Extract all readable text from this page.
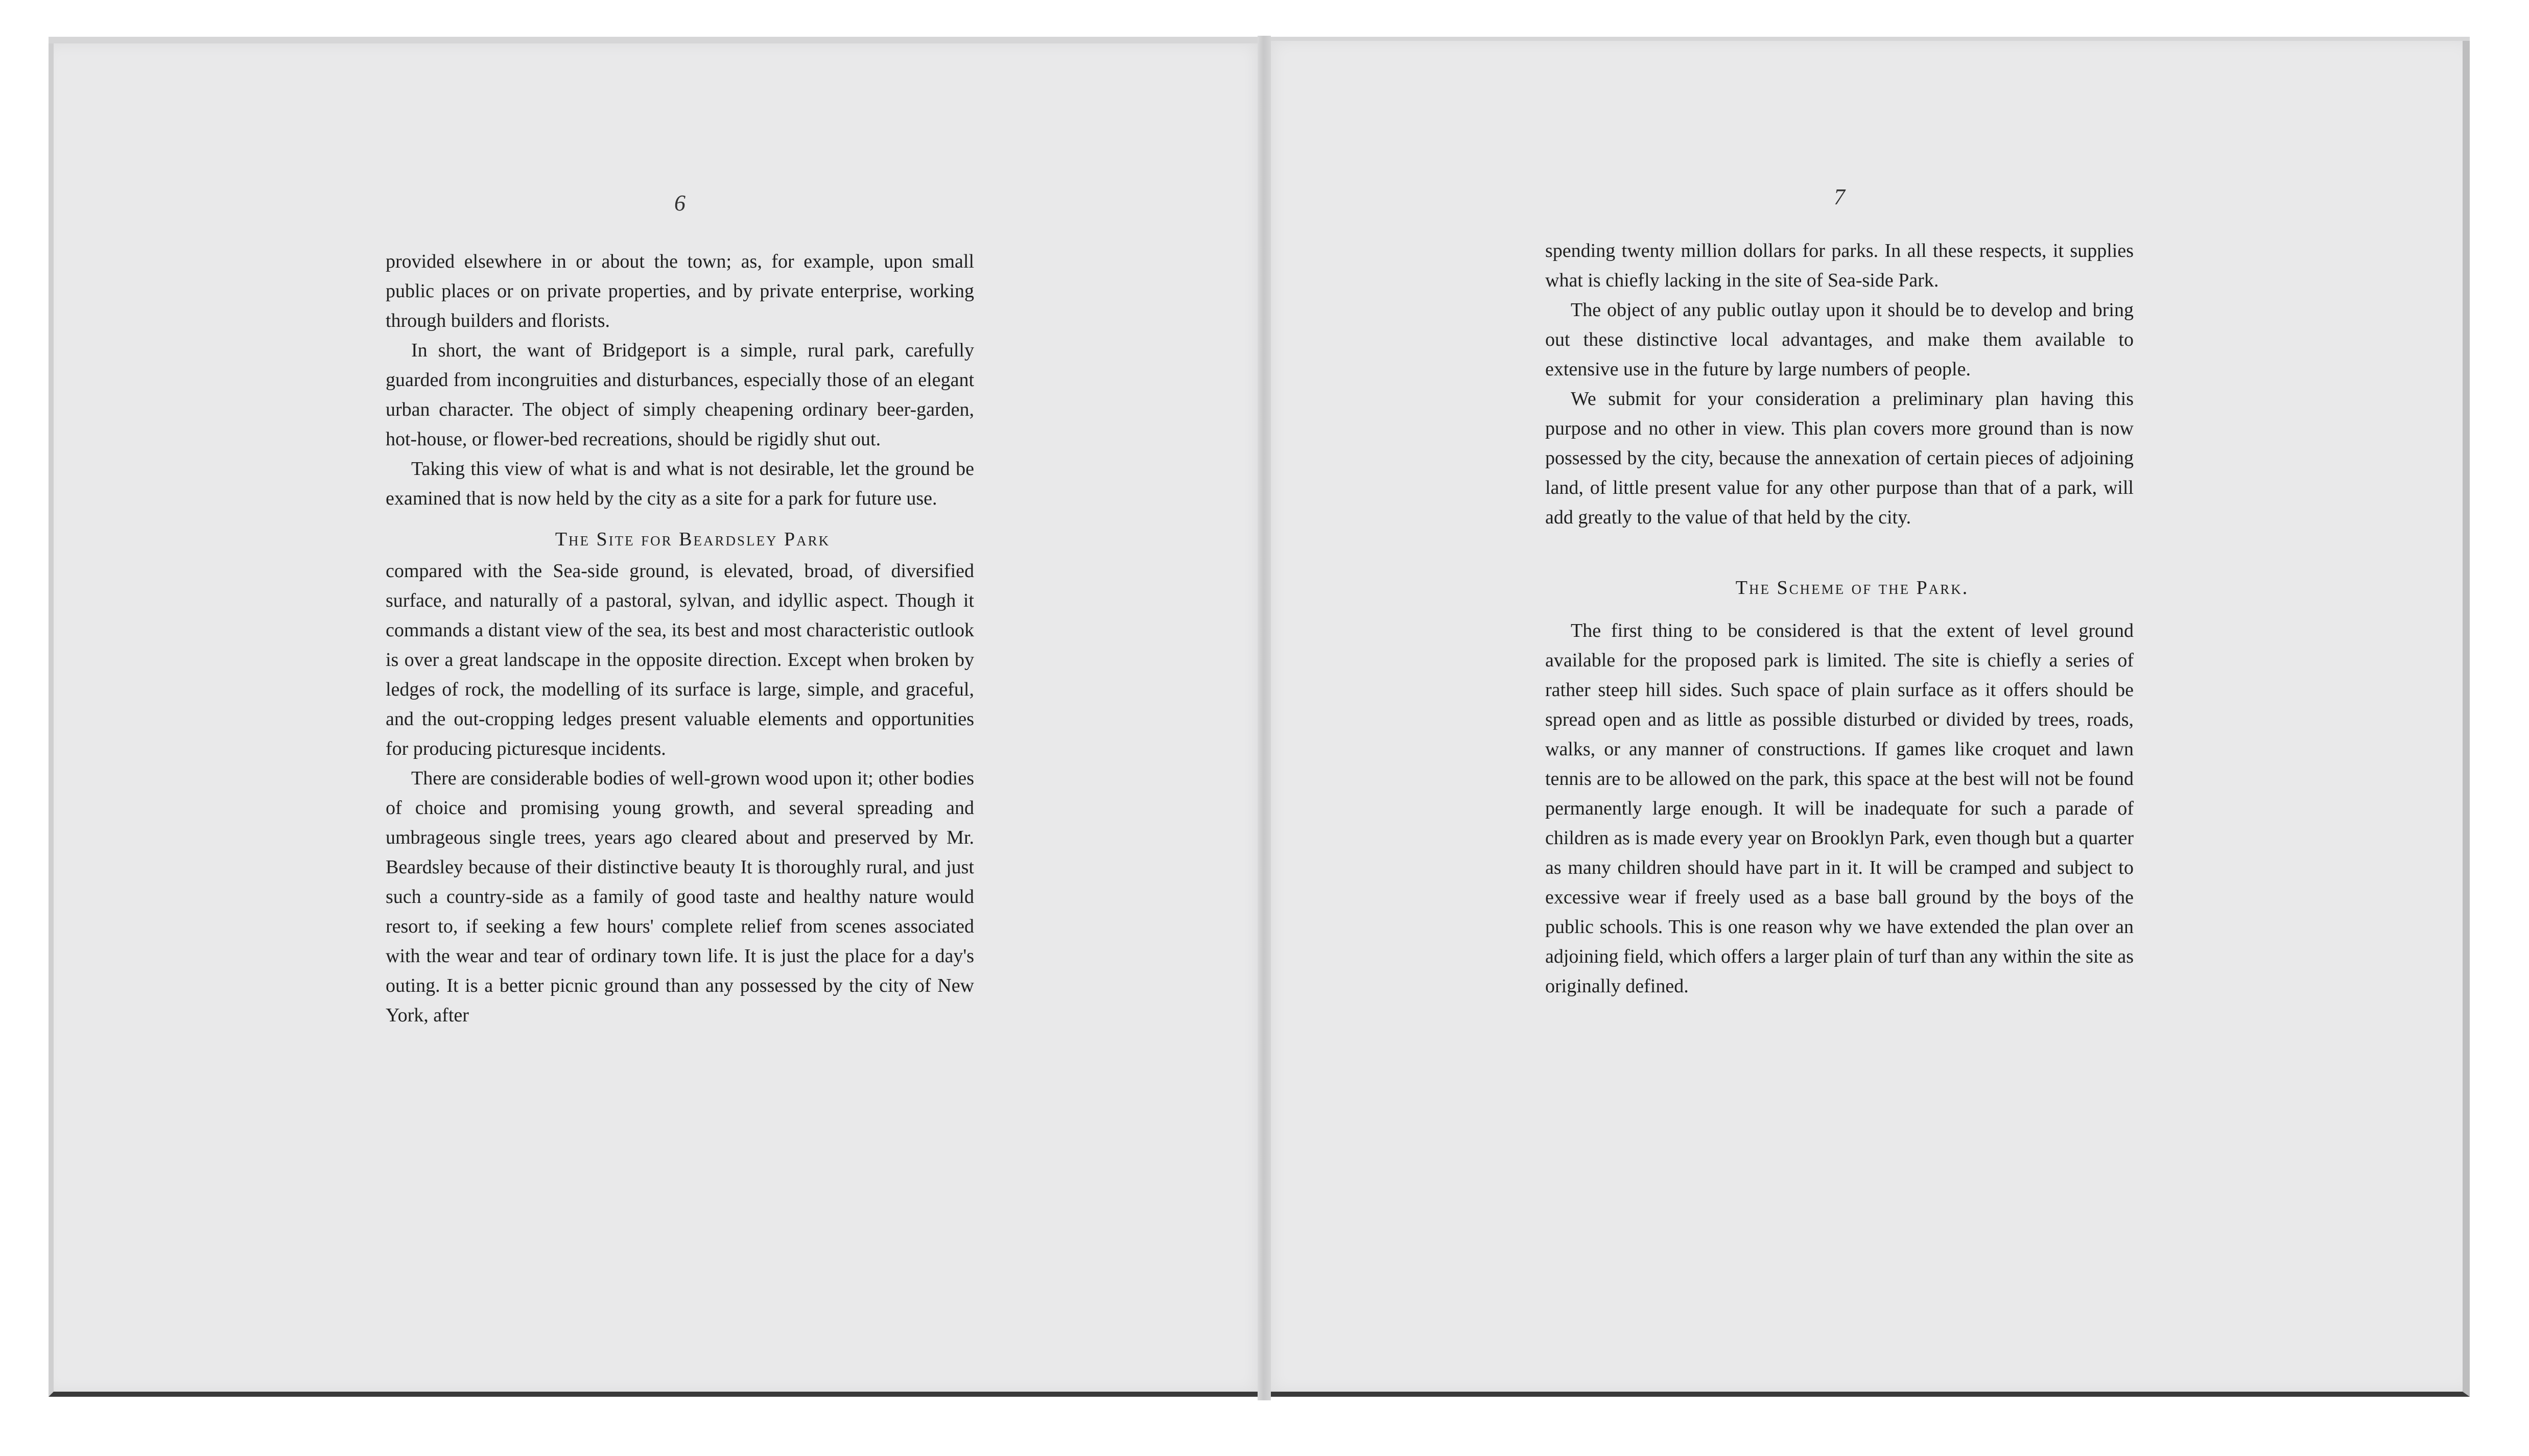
6

provided elsewhere in or about the town; as, for example, upon small public places or on private properties, and by private enterprise, working through builders and florists.

In short, the want of Bridgeport is a simple, rural park, carefully guarded from incongruities and disturbances, especially those of an elegant urban character. The object of simply cheapening ordinary beer-garden, hot-house, or flower-bed recreations, should be rigidly shut out.

Taking this view of what is and what is not desirable, let the ground be examined that is now held by the city as a site for a park for future use.

The Site for Beardsley Park

compared with the Sea-side ground, is elevated, broad, of diversified surface, and naturally of a pastoral, sylvan, and idyllic aspect. Though it commands a distant view of the sea, its best and most characteristic outlook is over a great landscape in the opposite direction. Except when broken by ledges of rock, the modelling of its surface is large, simple, and graceful, and the out-cropping ledges present valuable elements and opportunities for producing picturesque incidents.

There are considerable bodies of well-grown wood upon it; other bodies of choice and promising young growth, and several spreading and umbrageous single trees, years ago cleared about and preserved by Mr. Beardsley because of their distinctive beauty It is thoroughly rural, and just such a country-side as a family of good taste and healthy nature would resort to, if seeking a few hours' complete relief from scenes associated with the wear and tear of ordinary town life. It is just the place for a day's outing. It is a better picnic ground than any possessed by the city of New York, after

7

spending twenty million dollars for parks. In all these respects, it supplies what is chiefly lacking in the site of Sea-side Park.

The object of any public outlay upon it should be to develop and bring out these distinctive local advantages, and make them available to extensive use in the future by large numbers of people.

We submit for your consideration a preliminary plan having this purpose and no other in view. This plan covers more ground than is now possessed by the city, because the annexation of certain pieces of adjoining land, of little present value for any other purpose than that of a park, will add greatly to the value of that held by the city.

The Scheme of the Park.

The first thing to be considered is that the extent of level ground available for the proposed park is limited. The site is chiefly a series of rather steep hill sides. Such space of plain surface as it offers should be spread open and as little as possible disturbed or divided by trees, roads, walks, or any manner of constructions. If games like croquet and lawn tennis are to be allowed on the park, this space at the best will not be found permanently large enough. It will be inadequate for such a parade of children as is made every year on Brooklyn Park, even though but a quarter as many children should have part in it. It will be cramped and subject to excessive wear if freely used as a base ball ground by the boys of the public schools. This is one reason why we have extended the plan over an adjoining field, which offers a larger plain of turf than any within the site as originally defined.
